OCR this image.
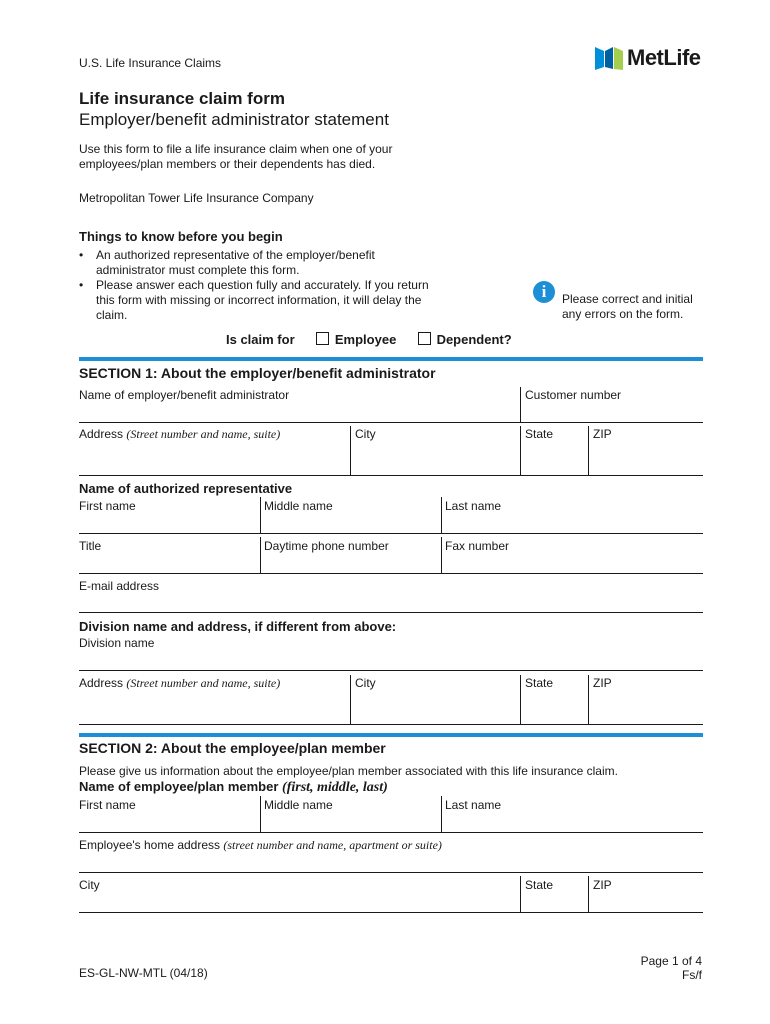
U.S. Life Insurance Claims	MetLife
Life insurance claim form
Employer/benefit administrator statement
Use this form to file a life insurance claim when one of your employees/plan members or their dependents has died.
Metropolitan Tower Life Insurance Company
Things to know before you begin
• An authorized representative of the employer/benefit administrator must complete this form.
• Please answer each question fully and accurately. If you return this form with missing or incorrect information, it will delay the claim.
i	Please correct and initial any errors on the form.
Is claim for	Employee	Dependent?
SECTION 1: About the employer/benefit administrator
Name of employer/benefit administrator	Customer number
Address (Street number and name, suite)	City	State	ZIP
Name of authorized representative
First name	Middle name	Last name
Title	Daytime phone number	Fax number
E-mail address
Division name and address, if different from above:
Division name
Address (Street number and name, suite)	City	State	ZIP
SECTION 2: About the employee/plan member
Please give us information about the employee/plan member associated with this life insurance claim.
Name of employee/plan member (first, middle, last)
First name	Middle name	Last name
Employee's home address (street number and name, apartment or suite)
City	State	ZIP
ES-GL-NW-MTL (04/18)
Page 1 of 4
Fs/f
